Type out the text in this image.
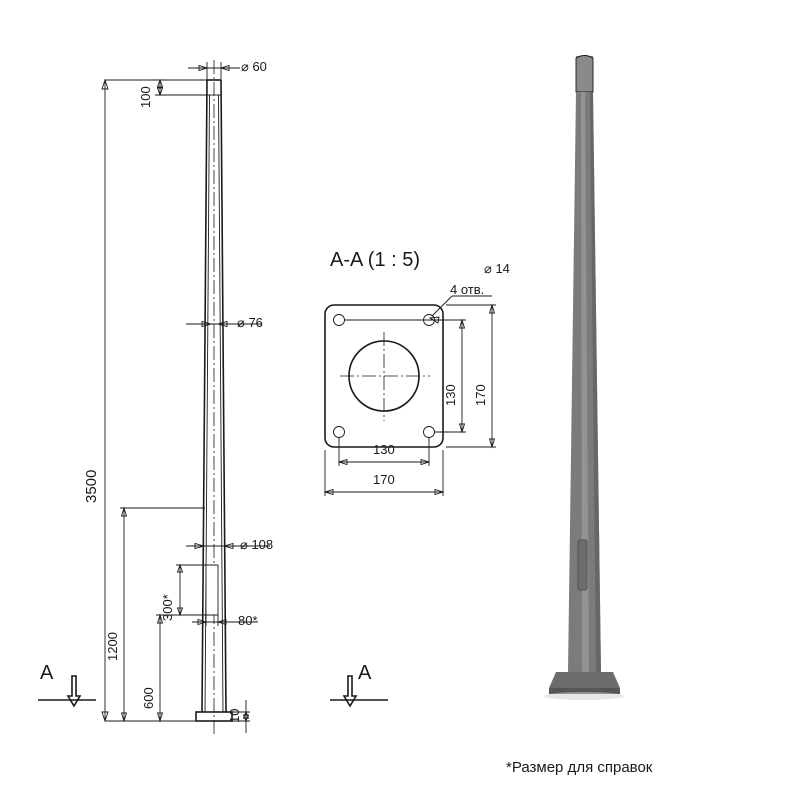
⌀ 60
100
⌀ 76
3500
⌀ 108
300*
1200
600
80*
10
A	A
A-A (1 : 5)	⌀ 14
4 отв.
130 170
130
170
*Размер для справок
